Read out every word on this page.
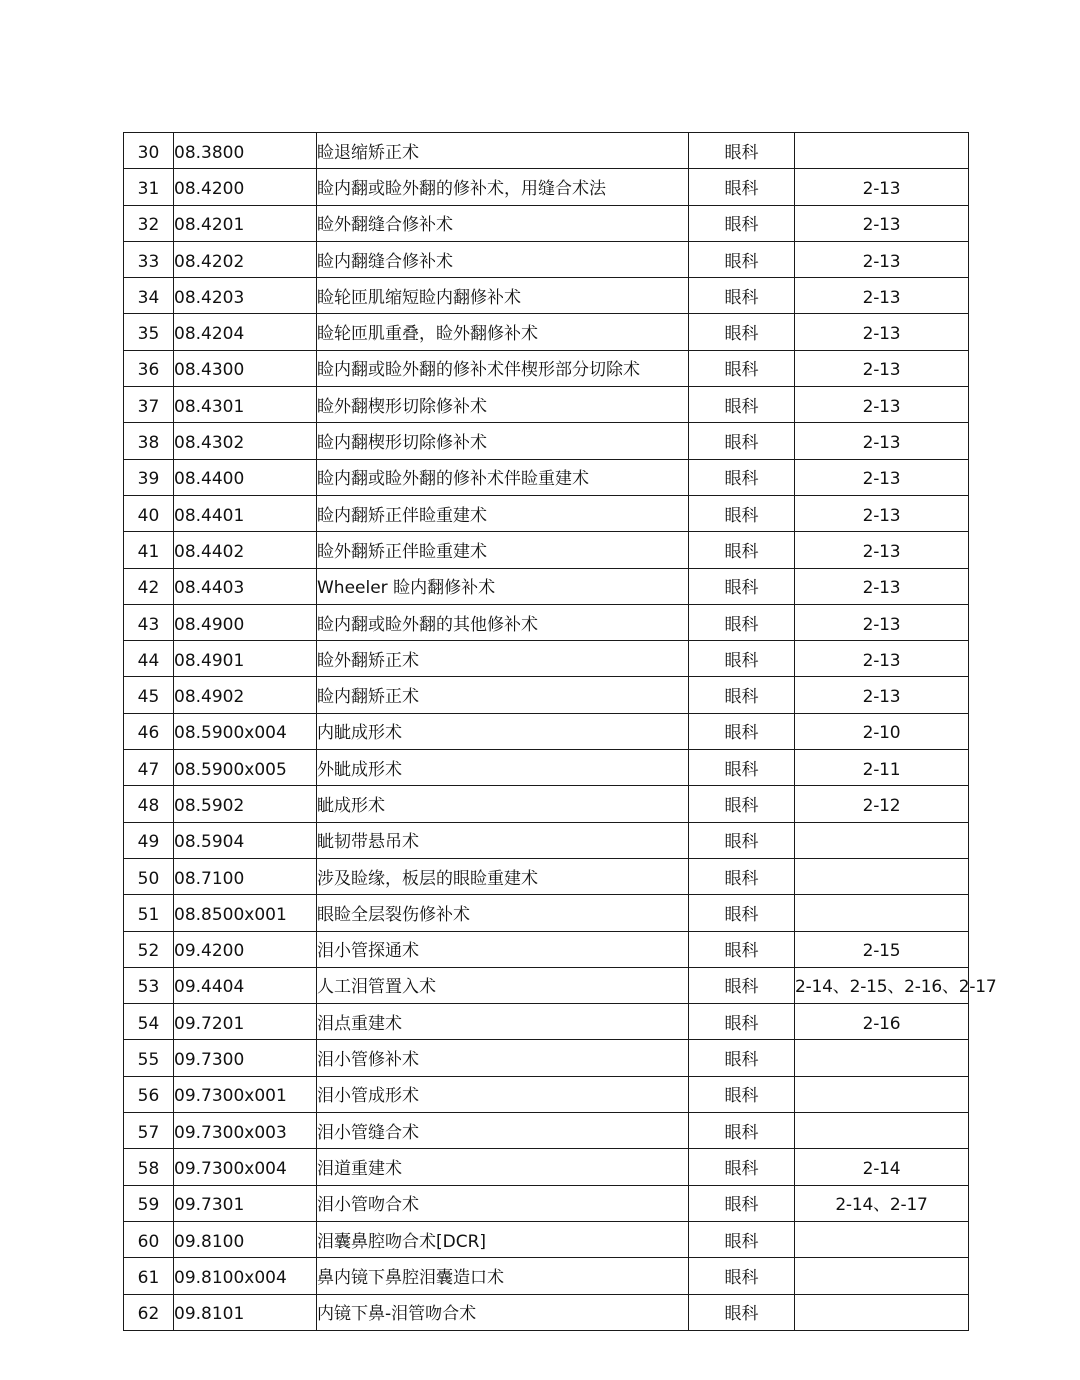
30	08.3800	睑退缩矫正术	眼科	
31	08.4200	睑内翻或睑外翻的修补术，用缝合术法	眼科	2-13
32	08.4201	睑外翻缝合修补术	眼科	2-13
33	08.4202	睑内翻缝合修补术	眼科	2-13
34	08.4203	睑轮匝肌缩短睑内翻修补术	眼科	2-13
35	08.4204	睑轮匝肌重叠，睑外翻修补术	眼科	2-13
36	08.4300	睑内翻或睑外翻的修补术伴楔形部分切除术	眼科	2-13
37	08.4301	睑外翻楔形切除修补术	眼科	2-13
38	08.4302	睑内翻楔形切除修补术	眼科	2-13
39	08.4400	睑内翻或睑外翻的修补术伴睑重建术	眼科	2-13
40	08.4401	睑内翻矫正伴睑重建术	眼科	2-13
41	08.4402	睑外翻矫正伴睑重建术	眼科	2-13
42	08.4403	Wheeler 睑内翻修补术	眼科	2-13
43	08.4900	睑内翻或睑外翻的其他修补术	眼科	2-13
44	08.4901	睑外翻矫正术	眼科	2-13
45	08.4902	睑内翻矫正术	眼科	2-13
46	08.5900x004	内眦成形术	眼科	2-10
47	08.5900x005	外眦成形术	眼科	2-11
48	08.5902	眦成形术	眼科	2-12
49	08.5904	眦韧带悬吊术	眼科	
50	08.7100	涉及睑缘，板层的眼睑重建术	眼科	
51	08.8500x001	眼睑全层裂伤修补术	眼科	
52	09.4200	泪小管探通术	眼科	2-15
53	09.4404	人工泪管置入术	眼科	2-14、2-15、2-16、2-17
54	09.7201	泪点重建术	眼科	2-16
55	09.7300	泪小管修补术	眼科	
56	09.7300x001	泪小管成形术	眼科	
57	09.7300x003	泪小管缝合术	眼科	
58	09.7300x004	泪道重建术	眼科	2-14
59	09.7301	泪小管吻合术	眼科	2-14、2-17
60	09.8100	泪囊鼻腔吻合术[DCR]	眼科	
61	09.8100x004	鼻内镜下鼻腔泪囊造口术	眼科	
62	09.8101	内镜下鼻-泪管吻合术	眼科	
